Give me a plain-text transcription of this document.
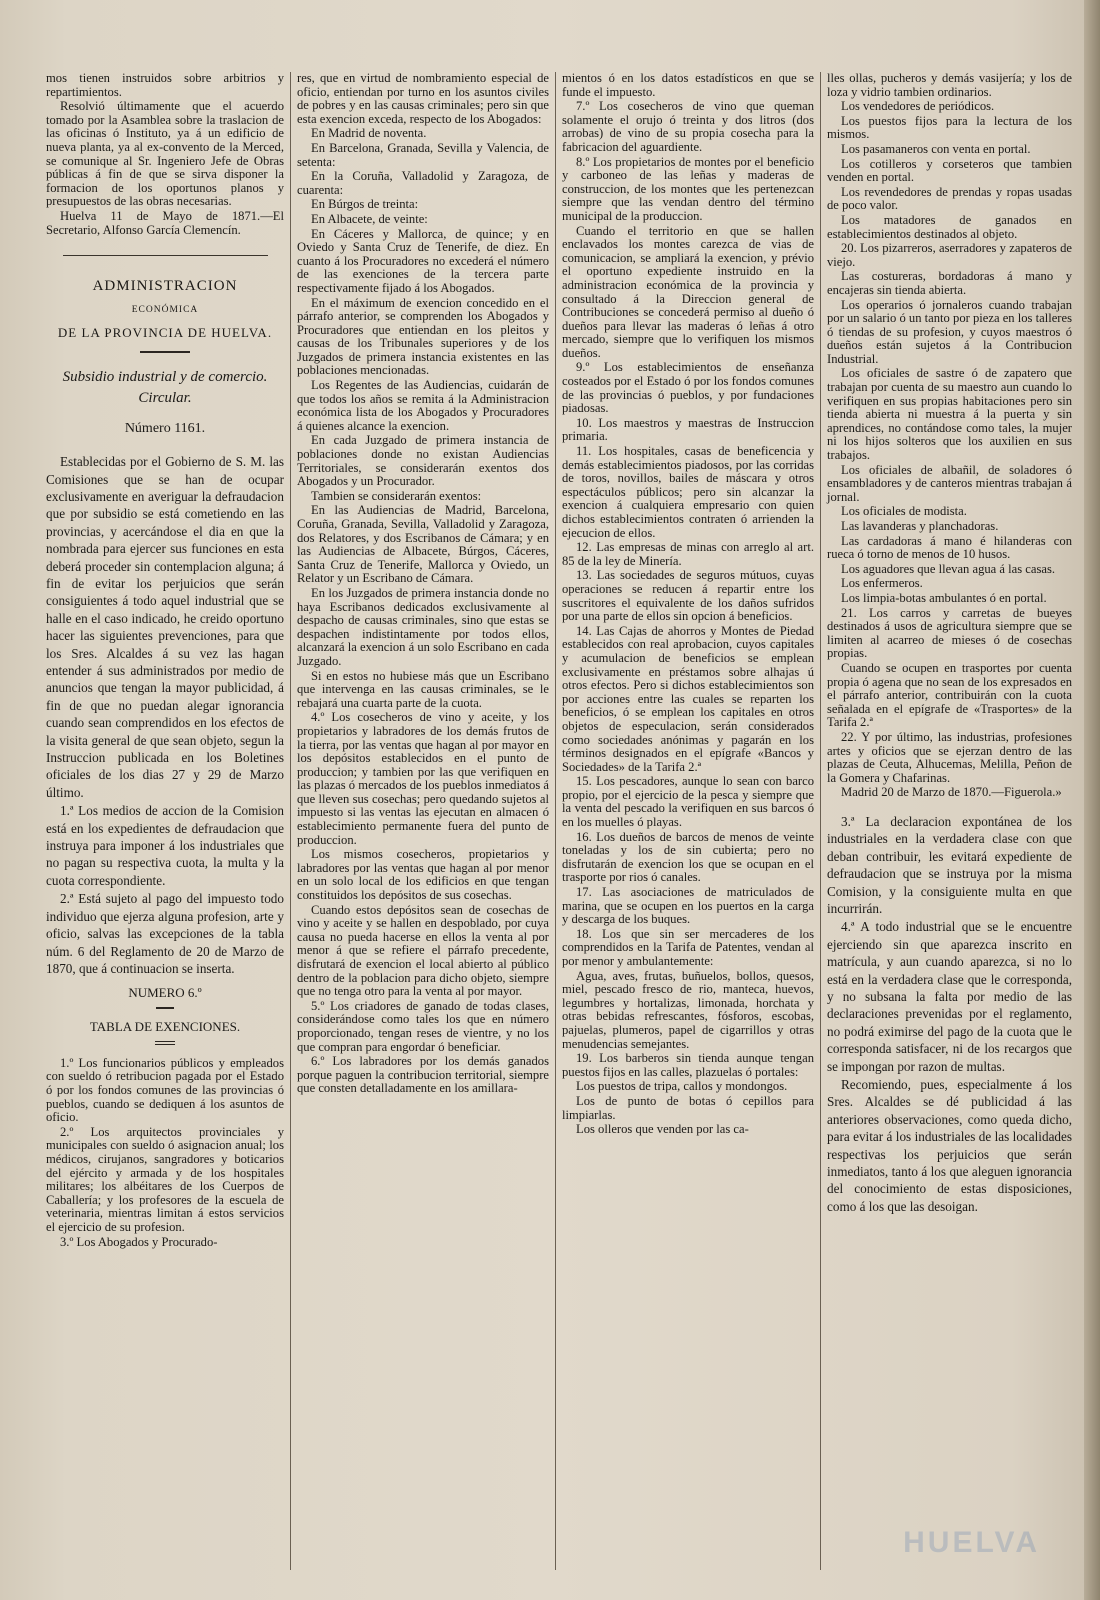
mos tienen instruidos sobre arbitrios y repartimientos.

Resolvió últimamente que el acuerdo tomado por la Asamblea sobre la traslacion de las oficinas ó Instituto, ya á un edificio de nueva planta, ya al ex-convento de la Merced, se comunique al Sr. Ingeniero Jefe de Obras públicas á fin de que se sirva disponer la formacion de los oportunos planos y presupuestos de las obras necesarias.

Huelva 11 de Mayo de 1871.—El Secretario, Alfonso García Clemencín.

ADMINISTRACION
ECONÓMICA
DE LA PROVINCIA DE HUELVA.
Subsidio industrial y de comercio. Circular.
Número 1161.

Establecidas por el Gobierno de S. M. las Comisiones que se han de ocupar exclusivamente en averiguar la defraudacion que por subsidio se está cometiendo en las provincias, y acercándose el dia en que la nombrada para ejercer sus funciones en esta deberá proceder sin contemplacion alguna; á fin de evitar los perjuicios que serán consiguientes á todo aquel industrial que se halle en el caso indicado, he creido oportuno hacer las siguientes prevenciones, para que los Sres. Alcaldes á su vez las hagan entender á sus administrados por medio de anuncios que tengan la mayor publicidad, á fin de que no puedan alegar ignorancia cuando sean comprendidos en los efectos de la visita general de que sean objeto, segun la Instruccion publicada en los Boletines oficiales de los dias 27 y 29 de Marzo último.

1.ª Los medios de accion de la Comision está en los expedientes de defraudacion que instruya para imponer á los industriales que no pagan su respectiva cuota, la multa y la cuota correspondiente.

2.ª Está sujeto al pago del impuesto todo individuo que ejerza alguna profesion, arte y oficio, salvas las excepciones de la tabla núm. 6 del Reglamento de 20 de Marzo de 1870, que á continuacion se inserta.

NUMERO 6.º
TABLA DE EXENCIONES.

1.º Los funcionarios públicos y empleados con sueldo ó retribucion pagada por el Estado ó por los fondos comunes de las provincias ó pueblos, cuando se dediquen á los asuntos de oficio.

2.º Los arquitectos provinciales y municipales con sueldo ó asignacion anual; los médicos, cirujanos, sangradores y boticarios del ejército y armada y de los hospitales militares; los albéitares de los Cuerpos de Caballería; y los profesores de la escuela de veterinaria, mientras limitan á estos servicios el ejercicio de su profesion.

3.º Los Abogados y Procurado-

res, que en virtud de nombramiento especial de oficio, entiendan por turno en los asuntos civiles de pobres y en las causas criminales; pero sin que esta exencion exceda, respecto de los Abogados:

En Madrid de noventa.

En Barcelona, Granada, Sevilla y Valencia, de setenta:

En la Coruña, Valladolid y Zaragoza, de cuarenta:

En Búrgos de treinta:

En Albacete, de veinte:

En Cáceres y Mallorca, de quince; y en Oviedo y Santa Cruz de Tenerife, de diez. En cuanto á los Procuradores no excederá el número de las exenciones de la tercera parte respectivamente fijado á los Abogados.

En el máximum de exencion concedido en el párrafo anterior, se comprenden los Abogados y Procuradores que entiendan en los pleitos y causas de los Tribunales superiores y de los Juzgados de primera instancia existentes en las poblaciones mencionadas.

Los Regentes de las Audiencias, cuidarán de que todos los años se remita á la Administracion económica lista de los Abogados y Procuradores á quienes alcance la exencion.

En cada Juzgado de primera instancia de poblaciones donde no existan Audiencias Territoriales, se considerarán exentos dos Abogados y un Procurador.

Tambien se considerarán exentos:

En las Audiencias de Madrid, Barcelona, Coruña, Granada, Sevilla, Valladolid y Zaragoza, dos Relatores, y dos Escribanos de Cámara; y en las Audiencias de Albacete, Búrgos, Cáceres, Santa Cruz de Tenerife, Mallorca y Oviedo, un Relator y un Escribano de Cámara.

En los Juzgados de primera instancia donde no haya Escribanos dedicados exclusivamente al despacho de causas criminales, sino que estas se despachen indistintamente por todos ellos, alcanzará la exencion á un solo Escribano en cada Juzgado.

Si en estos no hubiese más que un Escribano que intervenga en las causas criminales, se le rebajará una cuarta parte de la cuota.

4.º Los cosecheros de vino y aceite, y los propietarios y labradores de los demás frutos de la tierra, por las ventas que hagan al por mayor en los depósitos establecidos en el punto de produccion; y tambien por las que verifiquen en las plazas ó mercados de los pueblos inmediatos á que lleven sus cosechas; pero quedando sujetos al impuesto si las ventas las ejecutan en almacen ó establecimiento permanente fuera del punto de produccion.

Los mismos cosecheros, propietarios y labradores por las ventas que hagan al por menor en un solo local de los edificios en que tengan constituidos los depósitos de sus cosechas.

Cuando estos depósitos sean de cosechas de vino y aceite y se hallen en despoblado, por cuya causa no pueda hacerse en ellos la venta al por menor á que se refiere el párrafo precedente, disfrutará de exencion el local abierto al público dentro de la poblacion para dicho objeto, siempre que no tenga otro para la venta al por mayor.

5.º Los criadores de ganado de todas clases, considerándose como tales los que en número proporcionado, tengan reses de vientre, y no los que compran para engordar ó beneficiar.

6.º Los labradores por los demás ganados porque paguen la contribucion territorial, siempre que consten detalladamente en los amillara-

mientos ó en los datos estadísticos en que se funde el impuesto.

7.º Los cosecheros de vino que queman solamente el orujo ó treinta y dos litros (dos arrobas) de vino de su propia cosecha para la fabricacion del aguardiente.

8.º Los propietarios de montes por el beneficio y carboneo de las leñas y maderas de construccion, de los montes que les pertenezcan siempre que las vendan dentro del término municipal de la produccion.

Cuando el territorio en que se hallen enclavados los montes carezca de vias de comunicacion, se ampliará la exencion, y prévio el oportuno expediente instruido en la administracion económica de la provincia y consultado á la Direccion general de Contribuciones se concederá permiso al dueño ó dueños para llevar las maderas ó leñas á otro mercado, siempre que lo verifiquen los mismos dueños.

9.º Los establecimientos de enseñanza costeados por el Estado ó por los fondos comunes de las provincias ó pueblos, y por fundaciones piadosas.

10. Los maestros y maestras de Instruccion primaria.

11. Los hospitales, casas de beneficencia y demás establecimientos piadosos, por las corridas de toros, novillos, bailes de máscara y otros espectáculos públicos; pero sin alcanzar la exencion á cualquiera empresario con quien dichos establecimientos contraten ó arrienden la ejecucion de ellos.

12. Las empresas de minas con arreglo al art. 85 de la ley de Minería.

13. Las sociedades de seguros mútuos, cuyas operaciones se reducen á repartir entre los suscritores el equivalente de los daños sufridos por una parte de ellos sin opcion á beneficios.

14. Las Cajas de ahorros y Montes de Piedad establecidos con real aprobacion, cuyos capitales y acumulacion de beneficios se emplean exclusivamente en préstamos sobre alhajas ú otros efectos. Pero si dichos establecimientos son por acciones entre las cuales se reparten los beneficios, ó se emplean los capitales en otros objetos de especulacion, serán considerados como sociedades anónimas y pagarán en los términos designados en el epígrafe «Bancos y Sociedades» de la Tarifa 2.ª

15. Los pescadores, aunque lo sean con barco propio, por el ejercicio de la pesca y siempre que la venta del pescado la verifiquen en sus barcos ó en los muelles ó playas.

16. Los dueños de barcos de menos de veinte toneladas y los de sin cubierta; pero no disfrutarán de exencion los que se ocupan en el trasporte por rios ó canales.

17. Las asociaciones de matriculados de marina, que se ocupen en los puertos en la carga y descarga de los buques.

18. Los que sin ser mercaderes de los comprendidos en la Tarifa de Patentes, vendan al por menor y ambulantemente:

Agua, aves, frutas, buñuelos, bollos, quesos, miel, pescado fresco de rio, manteca, huevos, legumbres y hortalizas, limonada, horchata y otras bebidas refrescantes, fósforos, escobas, pajuelas, plumeros, papel de cigarrillos y otras menudencias semejantes.

19. Los barberos sin tienda aunque tengan puestos fijos en las calles, plazuelas ó portales:

Los puestos de tripa, callos y mondongos.

Los de punto de botas ó cepillos para limpiarlas.

Los olleros que venden por las ca-

lles ollas, pucheros y demás vasijería; y los de loza y vidrio tambien ordinarios.

Los vendedores de periódicos.

Los puestos fijos para la lectura de los mismos.

Los pasamaneros con venta en portal.

Los cotilleros y corseteros que tambien venden en portal.

Los revendedores de prendas y ropas usadas de poco valor.

Los matadores de ganados en establecimientos destinados al objeto.

20. Los pizarreros, aserradores y zapateros de viejo.

Las costureras, bordadoras á mano y encajeras sin tienda abierta.

Los operarios ó jornaleros cuando trabajan por un salario ó un tanto por pieza en los talleres ó tiendas de su profesion, y cuyos maestros ó dueños están sujetos á la Contribucion Industrial.

Los oficiales de sastre ó de zapatero que trabajan por cuenta de su maestro aun cuando lo verifiquen en sus propias habitaciones pero sin tienda abierta ni muestra á la puerta y sin aprendices, no contándose como tales, la mujer ni los hijos solteros que los auxilien en sus trabajos.

Los oficiales de albañil, de soladores ó ensambladores y de canteros mientras trabajan á jornal.

Los oficiales de modista.

Las lavanderas y planchadoras.

Las cardadoras á mano é hilanderas con rueca ó torno de menos de 10 husos.

Los aguadores que llevan agua á las casas.

Los enfermeros.

Los limpia-botas ambulantes ó en portal.

21. Los carros y carretas de bueyes destinados á usos de agricultura siempre que se limiten al acarreo de mieses ó de cosechas propias.

Cuando se ocupen en trasportes por cuenta propia ó agena que no sean de los expresados en el párrafo anterior, contribuirán con la cuota señalada en el epígrafe de «Trasportes» de la Tarifa 2.ª

22. Y por último, las industrias, profesiones artes y oficios que se ejerzan dentro de las plazas de Ceuta, Alhucemas, Melilla, Peñon de la Gomera y Chafarinas.

Madrid 20 de Marzo de 1870.—Figuerola.»

3.ª La declaracion expontánea de los industriales en la verdadera clase con que deban contribuir, les evitará expediente de defraudacion que se instruya por la misma Comision, y la consiguiente multa en que incurrirán.

4.ª A todo industrial que se le encuentre ejerciendo sin que aparezca inscrito en matrícula, y aun cuando aparezca, si no lo está en la verdadera clase que le corresponda, y no subsana la falta por medio de las declaraciones prevenidas por el reglamento, no podrá eximirse del pago de la cuota que le corresponda satisfacer, ni de los recargos que se impongan por razon de multas.

Recomiendo, pues, especialmente á los Sres. Alcaldes se dé publicidad á las anteriores observaciones, como queda dicho, para evitar á los industriales de las localidades respectivas los perjuicios que serán inmediatos, tanto á los que aleguen ignorancia del conocimiento de estas disposiciones, como á los que las desoigan.

HUELVA
